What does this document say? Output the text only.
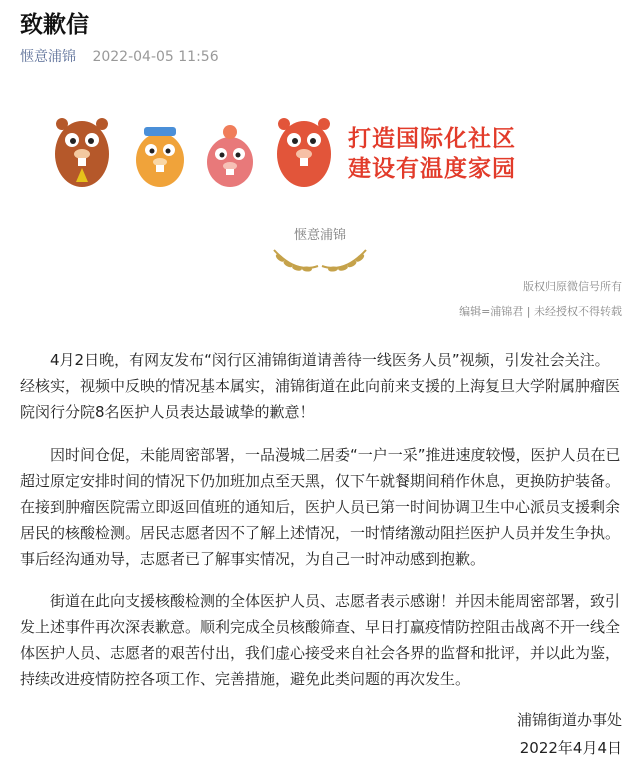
致歉信
惬意浦锦 2022-04-05 11:56
打造国际化社区
建设有温度家园
惬意浦锦
版权归原微信号所有
编辑=浦锦君 | 未经授权不得转载

4月2日晚，有网友发布“闵行区浦锦街道请善待一线医务人员”视频，引发社会关注。经核实，视频中反映的情况基本属实，浦锦街道在此向前来支援的上海复旦大学附属肿瘤医院闵行分院8名医护人员表达最诚挚的歉意！

因时间仓促，未能周密部署，一品漫城二居委“一户一采”推进速度较慢，医护人员在已超过原定安排时间的情况下仍加班加点至天黑，仅下午就餐期间稍作休息，更换防护装备。在接到肿瘤医院需立即返回值班的通知后，医护人员已第一时间协调卫生中心派员支援剩余居民的核酸检测。居民志愿者因不了解上述情况，一时情绪激动阻拦医护人员并发生争执。事后经沟通劝导，志愿者已了解事实情况，为自己一时冲动感到抱歉。

街道在此向支援核酸检测的全体医护人员、志愿者表示感谢！并因未能周密部署，致引发上述事件再次深表歉意。顺利完成全员核酸筛查、早日打赢疫情防控阻击战离不开一线全体医护人员、志愿者的艰苦付出，我们虚心接受来自社会各界的监督和批评，并以此为鉴，持续改进疫情防控各项工作、完善措施，避免此类问题的再次发生。

浦锦街道办事处
2022年4月4日
